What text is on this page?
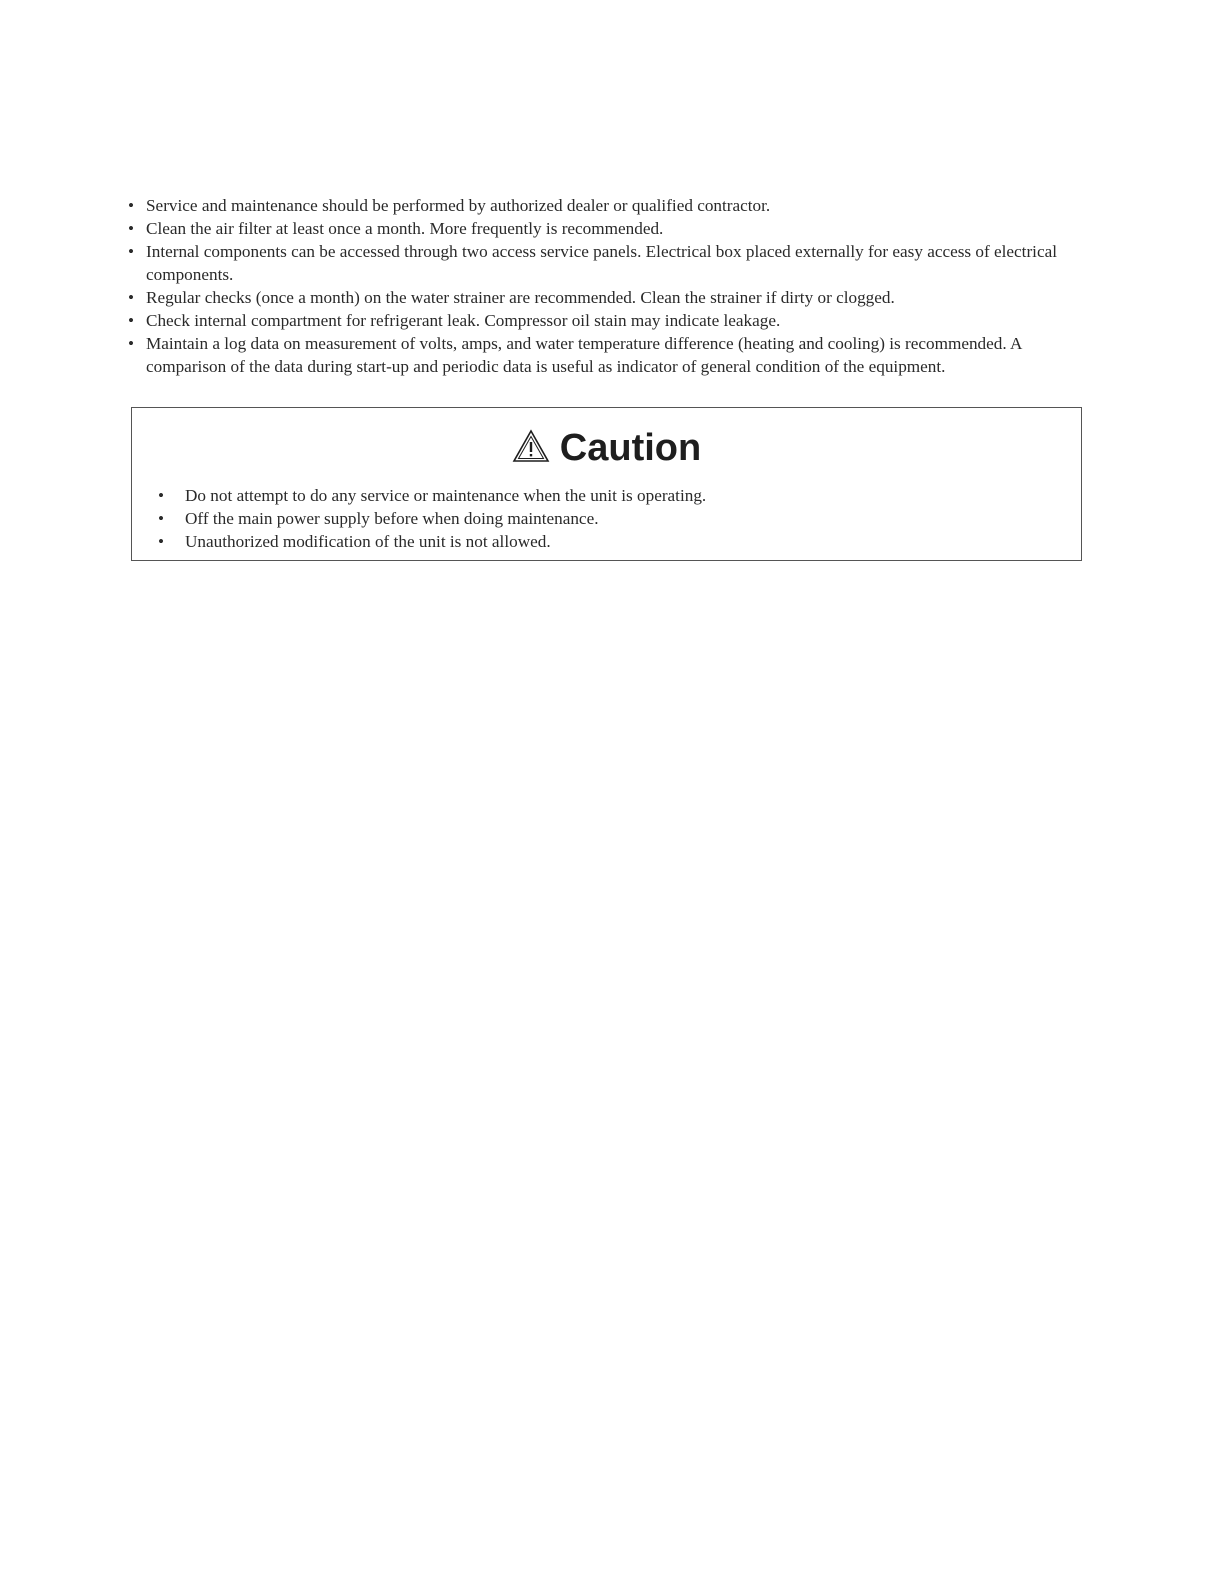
• Service and maintenance should be performed by authorized dealer or qualified contractor.
• Clean the air filter at least once a month. More frequently is recommended.
• Internal components can be accessed through two access service panels. Electrical box placed externally for easy access of electrical components.
• Regular checks (once a month) on the water strainer are recommended. Clean the strainer if dirty or clogged.
• Check internal compartment for refrigerant leak. Compressor oil stain may indicate leakage.
• Maintain a log data on measurement of volts, amps, and water temperature difference (heating and cooling) is recommended. A comparison of the data during start-up and periodic data is useful as indicator of general condition of the equipment.
Caution
• Do not attempt to do any service or maintenance when the unit is operating.
• Off the main power supply before when doing maintenance.
• Unauthorized modification of the unit is not allowed.
